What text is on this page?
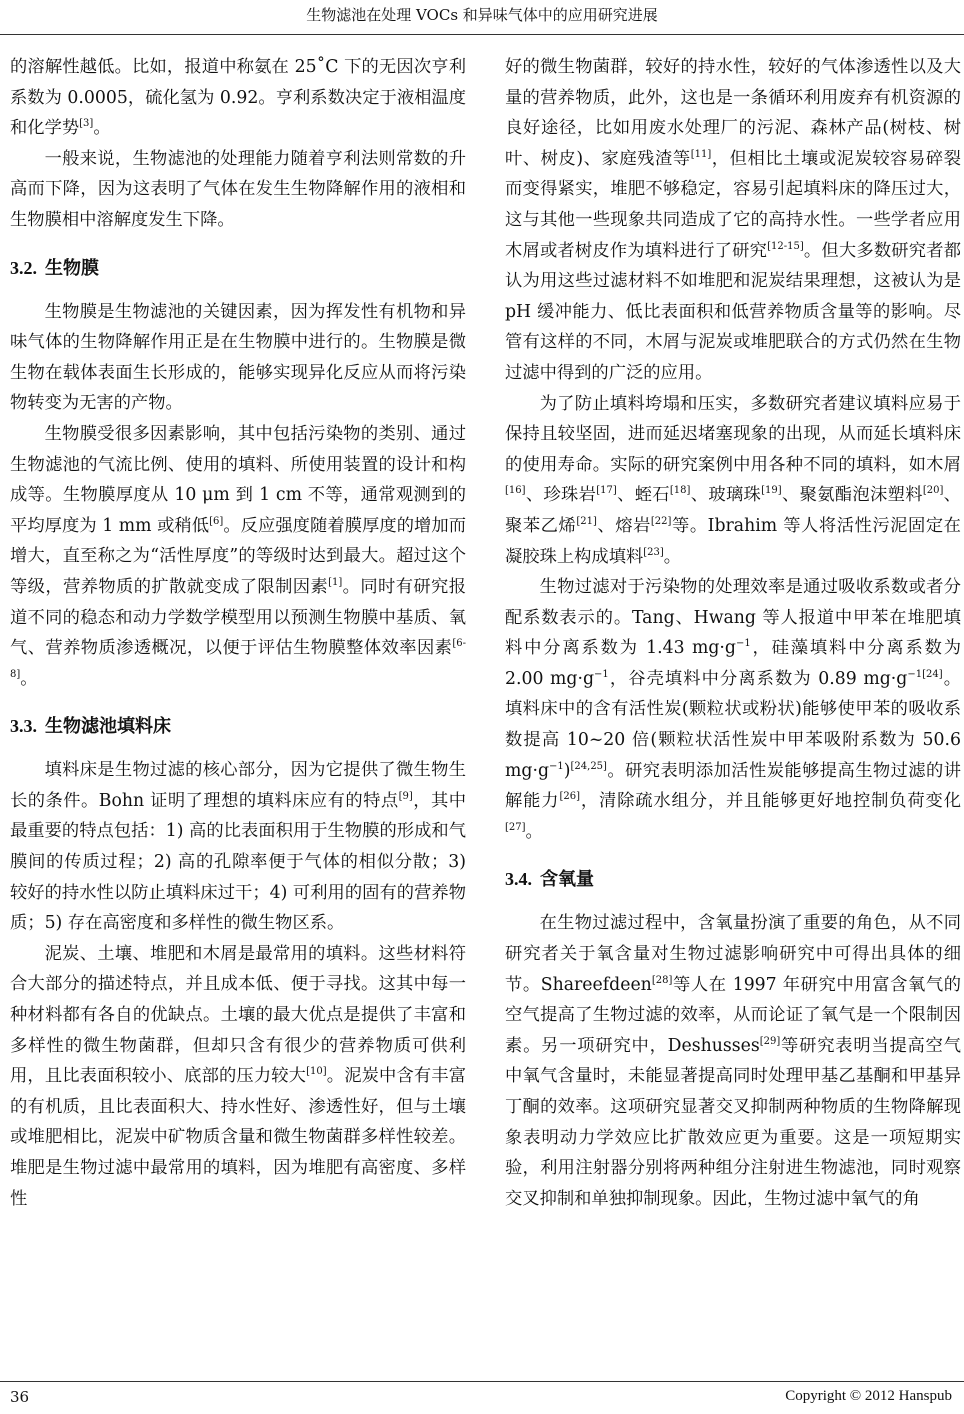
生物滤池在处理 VOCs 和异味气体中的应用研究进展

的溶解性越低。比如，报道中称氨在 25˚C 下的无因次亨利系数为 0.0005，硫化氢为 0.92。亨利系数决定于液相温度和化学势[3]。

一般来说，生物滤池的处理能力随着亨利法则常数的升高而下降，因为这表明了气体在发生生物降解作用的液相和生物膜相中溶解度发生下降。

3.2. 生物膜

生物膜是生物滤池的关键因素，因为挥发性有机物和异味气体的生物降解作用正是在生物膜中进行的。生物膜是微生物在载体表面生长形成的，能够实现异化反应从而将污染物转变为无害的产物。

生物膜受很多因素影响，其中包括污染物的类别、通过生物滤池的气流比例、使用的填料、所使用装置的设计和构成等。生物膜厚度从 10 μm 到 1 cm 不等，通常观测到的平均厚度为 1 mm 或稍低[6]。反应强度随着膜厚度的增加而增大，直至称之为“活性厚度”的等级时达到最大。超过这个等级，营养物质的扩散就变成了限制因素[1]。同时有研究报道不同的稳态和动力学数学模型用以预测生物膜中基质、氧气、营养物质渗透概况，以便于评估生物膜整体效率因素[6-8]。

3.3. 生物滤池填料床

填料床是生物过滤的核心部分，因为它提供了微生物生长的条件。Bohn 证明了理想的填料床应有的特点[9]，其中最重要的特点包括：1) 高的比表面积用于生物膜的形成和气膜间的传质过程；2) 高的孔隙率便于气体的相似分散；3) 较好的持水性以防止填料床过干；4) 可利用的固有的营养物质；5) 存在高密度和多样性的微生物区系。

泥炭、土壤、堆肥和木屑是最常用的填料。这些材料符合大部分的描述特点，并且成本低、便于寻找。这其中每一种材料都有各自的优缺点。土壤的最大优点是提供了丰富和多样性的微生物菌群，但却只含有很少的营养物质可供利用，且比表面积较小、底部的压力较大[10]。泥炭中含有丰富的有机质，且比表面积大、持水性好、渗透性好，但与土壤或堆肥相比，泥炭中矿物质含量和微生物菌群多样性较差。堆肥是生物过滤中最常用的填料，因为堆肥有高密度、多样性

好的微生物菌群，较好的持水性，较好的气体渗透性以及大量的营养物质，此外，这也是一条循环利用废弃有机资源的良好途径，比如用废水处理厂的污泥、森林产品(树枝、树叶、树皮)、家庭残渣等[11]，但相比土壤或泥炭较容易碎裂而变得紧实，堆肥不够稳定，容易引起填料床的降压过大，这与其他一些现象共同造成了它的高持水性。一些学者应用木屑或者树皮作为填料进行了研究[12-15]。但大多数研究者都认为用这些过滤材料不如堆肥和泥炭结果理想，这被认为是 pH 缓冲能力、低比表面积和低营养物质含量等的影响。尽管有这样的不同，木屑与泥炭或堆肥联合的方式仍然在生物过滤中得到的广泛的应用。

为了防止填料垮塌和压实，多数研究者建议填料应易于保持且较坚固，进而延迟堵塞现象的出现，从而延长填料床的使用寿命。实际的研究案例中用各种不同的填料，如木屑[16]、珍珠岩[17]、蛭石[18]、玻璃珠[19]、聚氨酯泡沫塑料[20]、聚苯乙烯[21]、熔岩[22]等。Ibrahim 等人将活性污泥固定在凝胶珠上构成填料[23]。

生物过滤对于污染物的处理效率是通过吸收系数或者分配系数表示的。Tang、Hwang 等人报道中甲苯在堆肥填料中分离系数为 1.43 $mg\cdot g^{-1}$，硅藻填料中分离系数为 2.00 $mg\cdot g^{-1}$，谷壳填料中分离系数为 0.89 $mg\cdot g^{-1[24]}$。填料床中的含有活性炭(颗粒状或粉状)能够使甲苯的吸收系数提高 10~20 倍(颗粒状活性炭中甲苯吸附系数为 50.6 $mg\cdot g^{-1})[24,25]$。研究表明添加活性炭能够提高生物过滤的讲解能力[26]，清除疏水组分，并且能够更好地控制负荷变化[27]。

3.4. 含氧量

在生物过滤过程中，含氧量扮演了重要的角色，从不同研究者关于氧含量对生物过滤影响研究中可得出具体的细节。Shareefdeen[28]等人在 1997 年研究中用富含氧气的空气提高了生物过滤的效率，从而论证了氧气是一个限制因素。另一项研究中，Deshusses[29]等研究表明当提高空气中氧气含量时，未能显著提高同时处理甲基乙基酮和甲基异丁酮的效率。这项研究显著交叉抑制两种物质的生物降解现象表明动力学效应比扩散效应更为重要。这是一项短期实验，利用注射器分别将两种组分注射进生物滤池，同时观察交叉抑制和单独抑制现象。因此，生物过滤中氧气的角

36	Copyright © 2012 Hanspub
